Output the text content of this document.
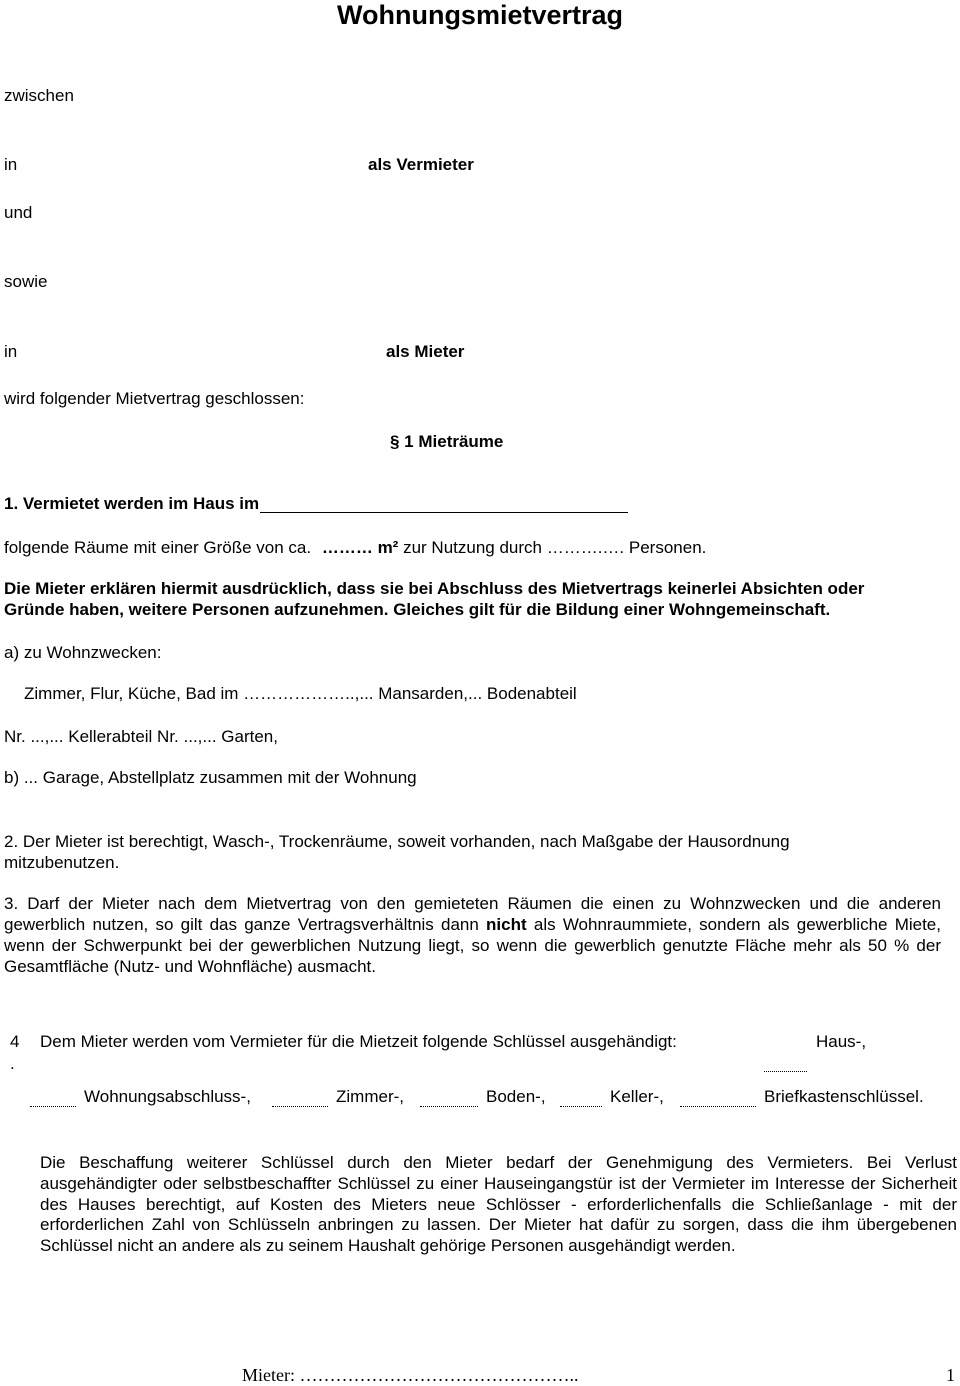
Wohnungsmietvertrag
zwischen
in	als Vermieter
und
sowie
in	als Mieter
wird folgender Mietvertrag geschlossen:
§ 1 Mieträume
1. Vermietet werden im Haus im
folgende Räume mit einer Größe von ca. ……… m² zur Nutzung durch ……….…. Personen.
Die Mieter erklären hiermit ausdrücklich, dass sie bei Abschluss des Mietvertrags keinerlei Absichten oder
Gründe haben, weitere Personen aufzunehmen. Gleiches gilt für die Bildung einer Wohngemeinschaft.
a) zu Wohnzwecken:
Zimmer, Flur, Küche, Bad im ………………..,... Mansarden,... Bodenabteil
Nr. ...,... Kellerabteil Nr. ...,... Garten,
b) ... Garage, Abstellplatz zusammen mit der Wohnung
2. Der Mieter ist berechtigt, Wasch-, Trockenräume, soweit vorhanden, nach Maßgabe der Hausordnung mitzubenutzen.
3. Darf der Mieter nach dem Mietvertrag von den gemieteten Räumen die einen zu Wohnzwecken und die anderen gewerblich nutzen, so gilt das ganze Vertragsverhältnis dann nicht als Wohnraummiete, sondern als gewerbliche Miete, wenn der Schwerpunkt bei der gewerblichen Nutzung liegt, so wenn die gewerblich genutzte Fläche mehr als 50 % der Gesamtfläche (Nutz- und Wohnfläche) ausmacht.
4
.
Dem Mieter werden vom Vermieter für die Mietzeit folgende Schlüssel ausgehändigt:	Haus-,
Wohnungsabschluss-,	Zimmer-,	Boden-,	Keller-,	Briefkastenschlüssel.
Die Beschaffung weiterer Schlüssel durch den Mieter bedarf der Genehmigung des Vermieters. Bei Verlust ausgehändigter oder selbstbeschaffter Schlüssel zu einer Hauseingangstür ist der Vermieter im Interesse der Sicherheit des Hauses berechtigt, auf Kosten des Mieters neue Schlösser - erforderlichenfalls die Schließanlage - mit der erforderlichen Zahl von Schlüsseln anbringen zu lassen. Der Mieter hat dafür zu sorgen, dass die ihm übergebenen Schlüssel nicht an andere als zu seinem Haushalt gehörige Personen ausgehändigt werden.
Mieter: ………………………………………..	1
